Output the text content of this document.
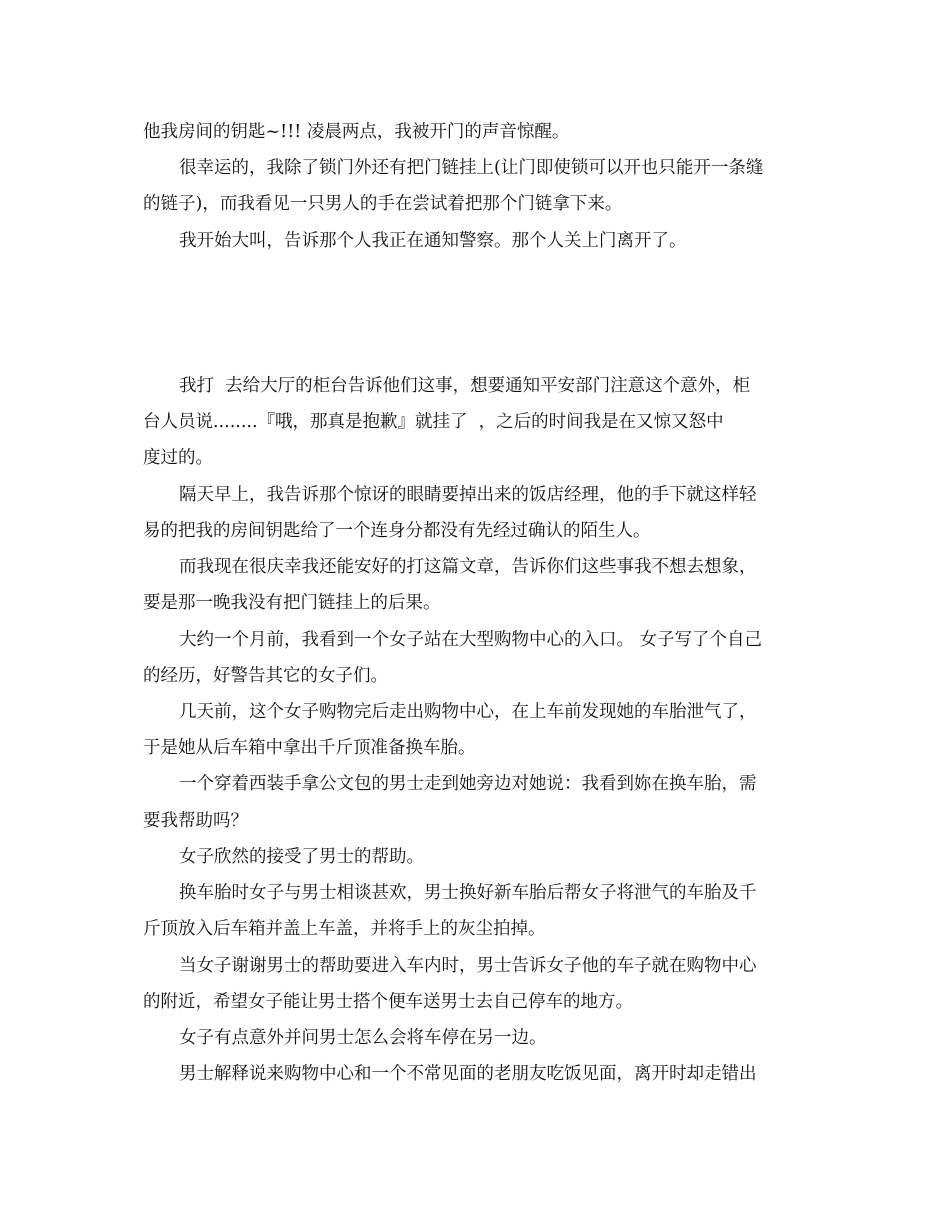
他我房间的钥匙~!!! 凌晨两点，我被开门的声音惊醒。

很幸运的，我除了锁门外还有把门链挂上(让门即使锁可以开也只能开一条缝

的链子)，而我看见一只男人的手在尝试着把那个门链拿下来。

我开始大叫，告诉那个人我正在通知警察。那个人关上门离开了。

我打  去给大厅的柜台告诉他们这事，想要通知平安部门注意这个意外，柜

台人员说........『哦，那真是抱歉』就挂了  ，之后的时间我是在又惊又怒中

度过的。

隔天早上，我告诉那个惊讶的眼睛要掉出来的饭店经理，他的手下就这样轻

易的把我的房间钥匙给了一个连身分都没有先经过确认的陌生人。

而我现在很庆幸我还能安好的打这篇文章，告诉你们这些事我不想去想象，

要是那一晚我没有把门链挂上的后果。

大约一个月前，我看到一个女子站在大型购物中心的入口。 女子写了个自己

的经历，好警告其它的女子们。

几天前，这个女子购物完后走出购物中心，在上车前发现她的车胎泄气了，

于是她从后车箱中拿出千斤顶准备换车胎。

一个穿着西装手拿公文包的男士走到她旁边对她说：我看到妳在换车胎，需

要我帮助吗？

女子欣然的接受了男士的帮助。

换车胎时女子与男士相谈甚欢，男士换好新车胎后帮女子将泄气的车胎及千

斤顶放入后车箱并盖上车盖，并将手上的灰尘拍掉。

当女子谢谢男士的帮助要进入车内时，男士告诉女子他的车子就在购物中心

的附近，希望女子能让男士搭个便车送男士去自己停车的地方。

女子有点意外并问男士怎么会将车停在另一边。

男士解释说来购物中心和一个不常见面的老朋友吃饭见面，离开时却走错出
